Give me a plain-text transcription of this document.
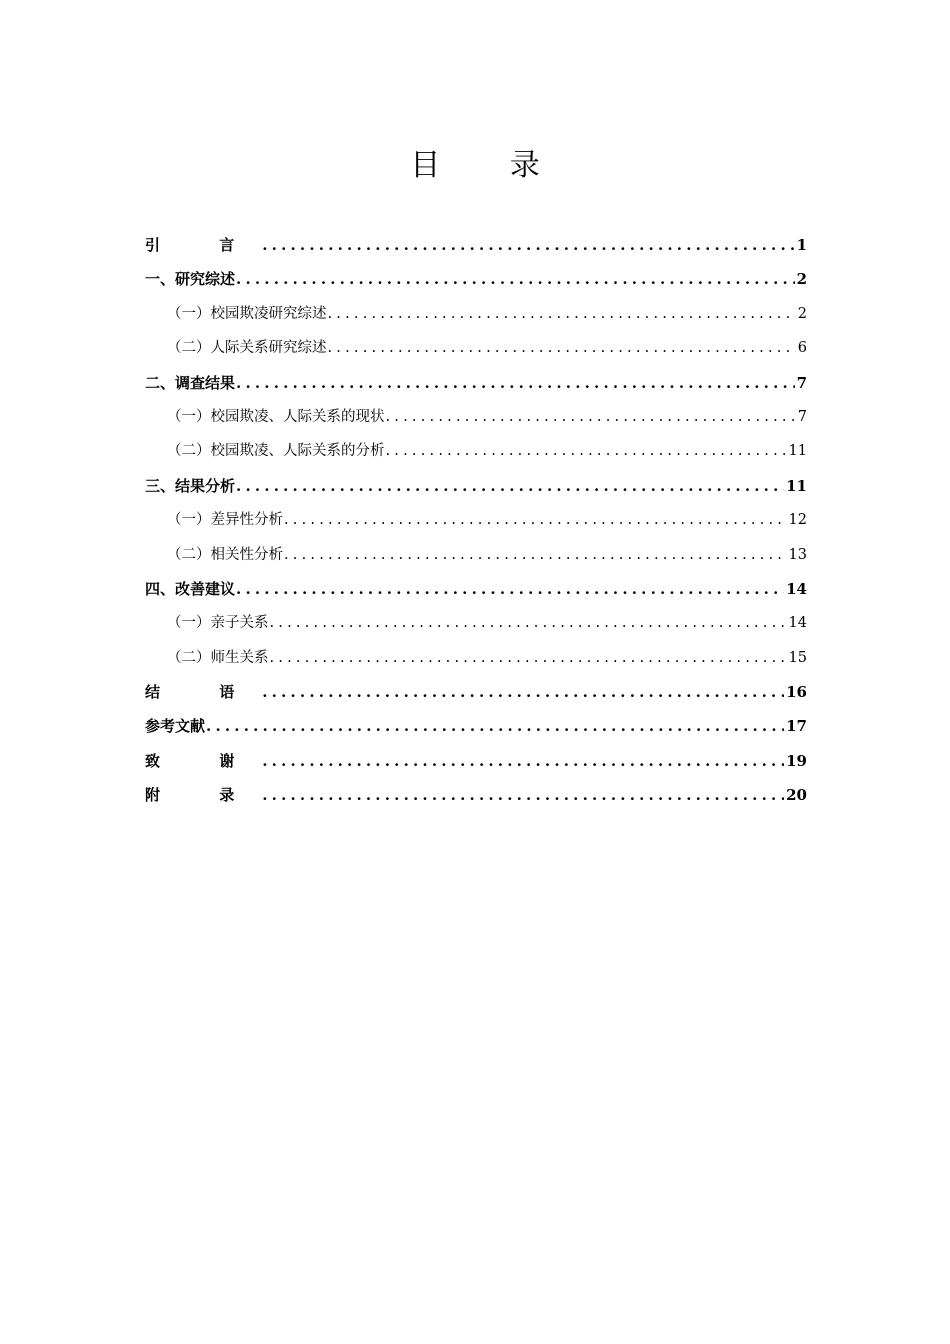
目 录
引 言 .....	1
一、研究综述 .....	2
（一）校园欺凌研究综述 .....	2
（二）人际关系研究综述 .....	6
二、调查结果 .....	7
（一）校园欺凌、人际关系的现状 .....	7
（二）校园欺凌、人际关系的分析 .....	11
三、结果分析 .....	11
（一）差异性分析 .....	12
（二）相关性分析 .....	13
四、改善建议 .....	14
（一）亲子关系 .....	14
（二）师生关系 .....	15
结 语 .....	16
参考文献 .....	17
致 谢 .....	19
附 录 .....	20
